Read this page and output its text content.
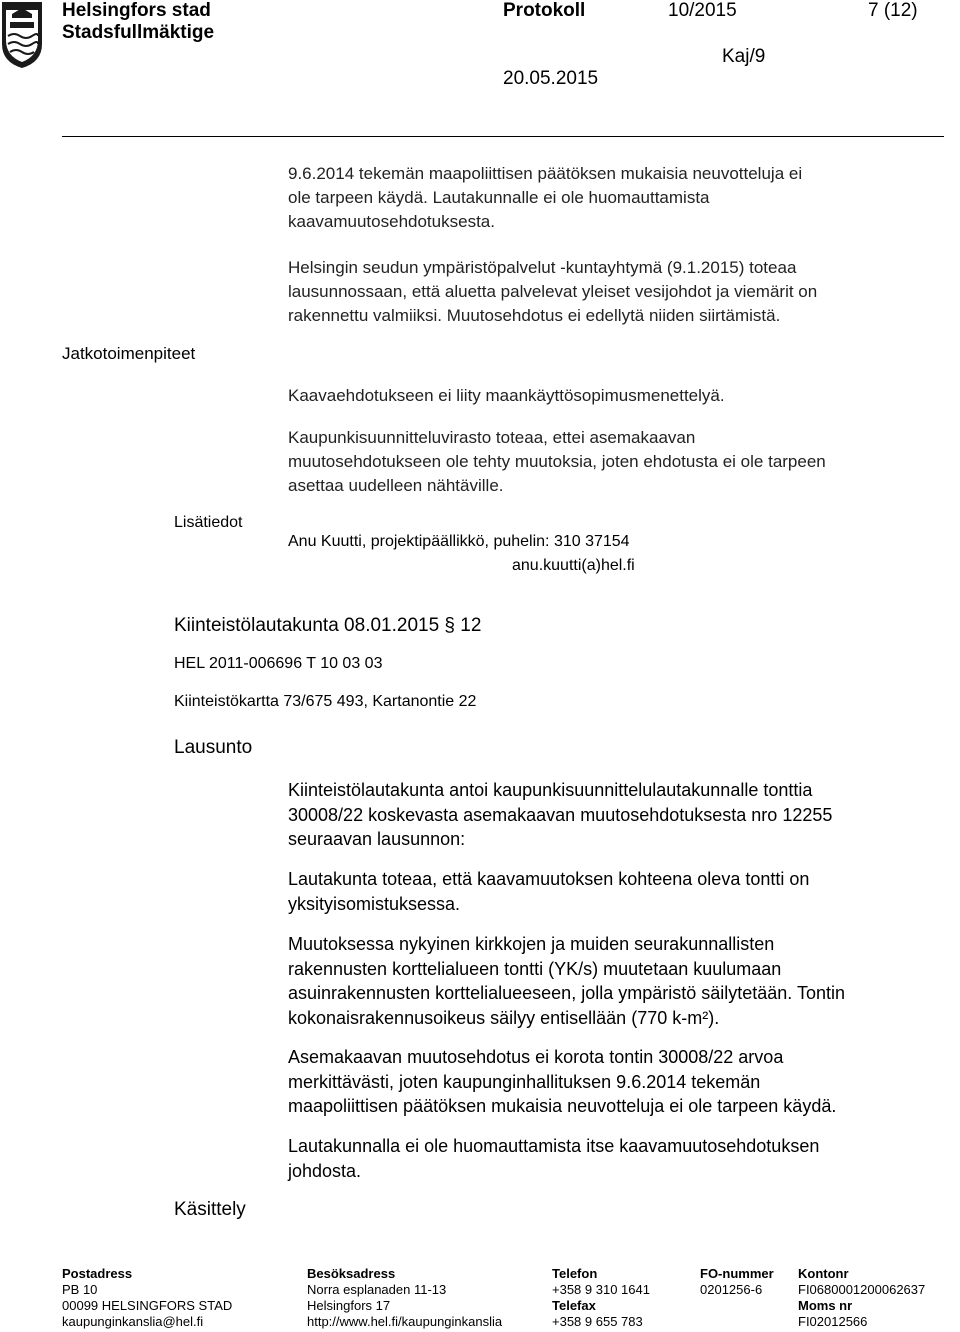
Helsingfors stad
Stadsfullmäktige
Protokoll	10/2015	7 (12)
Kaj/9
20.05.2015
9.6.2014 tekemän maapoliittisen päätöksen mukaisia neuvotteluja ei
ole tarpeen käydä. Lautakunnalle ei ole huomauttamista
kaavamuutosehdotuksesta.
Helsingin seudun ympäristöpalvelut -kuntayhtymä (9.1.2015) toteaa
lausunnossaan, että aluetta palvelevat yleiset vesijohdot ja viemärit on
rakennettu valmiiksi. Muutosehdotus ei edellytä niiden siirtämistä.
Jatkotoimenpiteet
Kaavaehdotukseen ei liity maankäyttösopimusmenettelyä.
Kaupunkisuunnitteluvirasto toteaa, ettei asemakaavan
muutosehdotukseen ole tehty muutoksia, joten ehdotusta ei ole tarpeen
asettaa uudelleen nähtäville.
Lisätiedot
Anu Kuutti, projektipäällikkö, puhelin: 310 37154
anu.kuutti(a)hel.fi
Kiinteistölautakunta 08.01.2015 § 12
HEL 2011-006696 T 10 03 03
Kiinteistökartta 73/675 493, Kartanontie 22
Lausunto
Kiinteistölautakunta antoi kaupunkisuunnittelulautakunnalle tonttia
30008/22 koskevasta asemakaavan muutosehdotuksesta nro 12255
seuraavan lausunnon:
Lautakunta toteaa, että kaavamuutoksen kohteena oleva tontti on
yksityisomistuksessa.
Muutoksessa nykyinen kirkkojen ja muiden seurakunnallisten
rakennusten korttelialueen tontti (YK/s) muutetaan kuulumaan
asuinrakennusten korttelialueeseen, jolla ympäristö säilytetään. Tontin
kokonaisrakennusoikeus säilyy entisellään (770 k-m²).
Asemakaavan muutosehdotus ei korota tontin 30008/22 arvoa
merkittävästi, joten kaupunginhallituksen 9.6.2014 tekemän
maapoliittisen päätöksen mukaisia neuvotteluja ei ole tarpeen käydä.
Lautakunnalla ei ole huomauttamista itse kaavamuutosehdotuksen
johdosta.
Käsittely
Postadress
PB 10
00099 HELSINGFORS STAD
kaupunginkanslia@hel.fi
Besöksadress
Norra esplanaden 11-13
Helsingfors 17
http://www.hel.fi/kaupunginkanslia
Telefon
+358 9 310 1641
Telefax
+358 9 655 783
FO-nummer
0201256-6
Kontonr
FI0680001200062637
Moms nr
FI02012566
